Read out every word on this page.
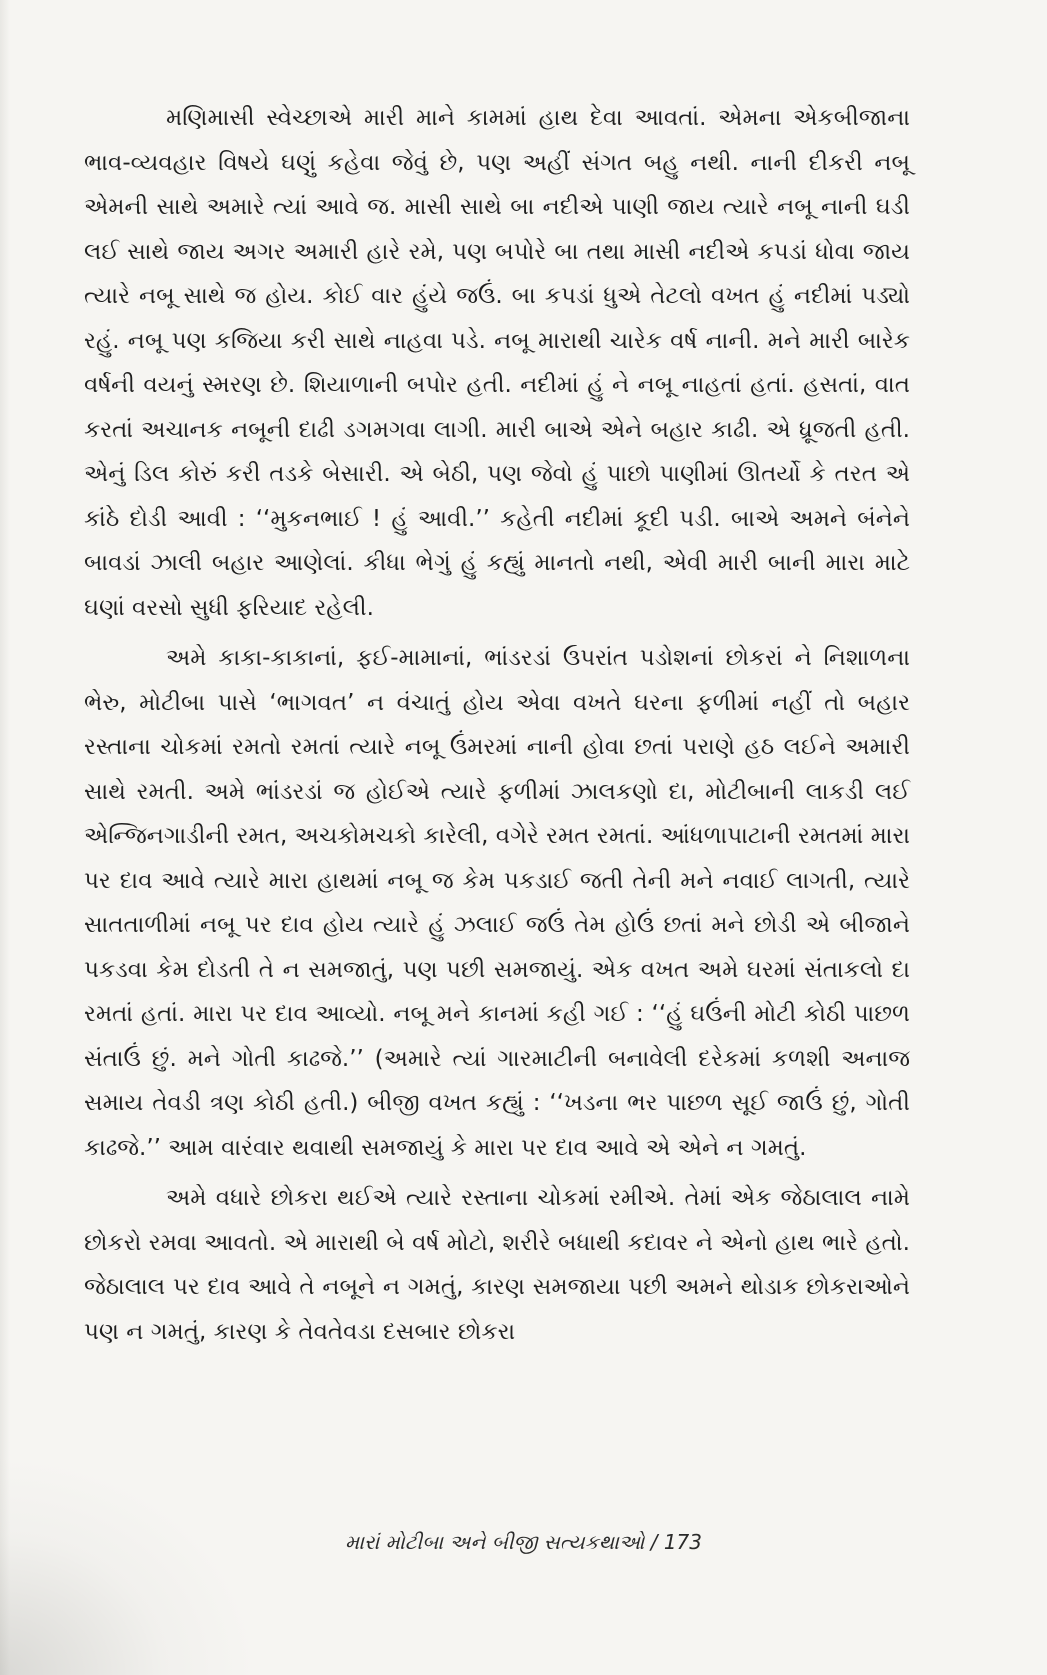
મણિમાસી સ્વેચ્છાએ મારી માને કામમાં હાથ દેવા આવતાં. એમના એકબીજાના ભાવ-વ્યવહાર વિષયે ઘણું કહેવા જેવું છે, પણ અહીં સંગત બહુ નથી. નાની દીકરી નબૂ એમની સાથે અમારે ત્યાં આવે જ. માસી સાથે બા નદીએ પાણી જાય ત્યારે નબૂ નાની ઘડી લઈ સાથે જાય અગર અમારી હારે રમે, પણ બપોરે બા તથા માસી નદીએ કપડાં ધોવા જાય ત્યારે નબૂ સાથે જ હોય. કોઈ વાર હુંયે જઉં. બા કપડાં ધુએ તેટલો વખત હું નદીમાં પડ્યો રહું. નબૂ પણ કજિયા કરી સાથે નાહવા પડે. નબૂ મારાથી ચારેક વર્ષ નાની. મને મારી બારેક વર્ષની વયનું સ્મરણ છે. શિયાળાની બપોર હતી. નદીમાં હું ને નબૂ નાહતાં હતાં. હસતાં, વાત કરતાં અચાનક નબૂની દાઢી ડગમગવા લાગી. મારી બાએ એને બહાર કાઢી. એ ધ્રૂજતી હતી. એનું ડિલ કોરું કરી તડકે બેસારી. એ બેઠી, પણ જેવો હું પાછો પાણીમાં ઊતર્યો કે તરત એ કાંઠે દોડી આવી : ‘‘મુકનભાઈ ! હું આવી.’’ કહેતી નદીમાં કૂદી પડી. બાએ અમને બંનેને બાવડાં ઝાલી બહાર આણેલાં. કીધા ભેગું હું કહ્યું માનતો નથી, એવી મારી બાની મારા માટે ઘણાં વરસો સુધી ફરિયાદ રહેલી.

અમે કાકા-કાકાનાં, ફઈ-મામાનાં, ભાંડરડાં ઉપરાંત પડોશનાં છોકરાં ને નિશાળના ભેરુ, મોટીબા પાસે ‘ભાગવત’ ન વંચાતું હોય એવા વખતે ઘરના ફળીમાં નહીં તો બહાર રસ્તાના ચોકમાં રમતો રમતાં ત્યારે નબૂ ઉંમરમાં નાની હોવા છતાં પરાણે હઠ લઈને અમારી સાથે રમતી. અમે ભાંડરડાં જ હોઈએ ત્યારે ફળીમાં ઝાલકણો દા, મોટીબાની લાકડી લઈ એન્જિનગાડીની રમત, અચકોમચકો કારેલી, વગેરે રમત રમતાં. આંધળાપાટાની રમતમાં મારા પર દાવ આવે ત્યારે મારા હાથમાં નબૂ જ કેમ પકડાઈ જતી તેની મને નવાઈ લાગતી, ત્યારે સાતતાળીમાં નબૂ પર દાવ હોય ત્યારે હું ઝલાઈ જઉં તેમ હોઉં છતાં મને છોડી એ બીજાને પકડવા કેમ દોડતી તે ન સમજાતું, પણ પછી સમજાયું. એક વખત અમે ઘરમાં સંતાકલો દા રમતાં હતાં. મારા પર દાવ આવ્યો. નબૂ મને કાનમાં કહી ગઈ : ‘‘હું ઘઉંની મોટી કોઠી પાછળ સંતાઉં છું. મને ગોતી કાઢજે.’’ (અમારે ત્યાં ગારમાટીની બનાવેલી દરેકમાં કળશી અનાજ સમાય તેવડી ત્રણ કોઠી હતી.) બીજી વખત કહ્યું : ‘‘ખડના ભર પાછળ સૂઈ જાઉં છું, ગોતી કાઢજે.’’ આમ વારંવાર થવાથી સમજાયું કે મારા પર દાવ આવે એ એને ન ગમતું.

અમે વધારે છોકરા થઈએ ત્યારે રસ્તાના ચોકમાં રમીએ. તેમાં એક જેઠાલાલ નામે છોકરો રમવા આવતો. એ મારાથી બે વર્ષ મોટો, શરીરે બધાથી કદાવર ને એનો હાથ ભારે હતો. જેઠાલાલ પર દાવ આવે તે નબૂને ન ગમતું, કારણ સમજાયા પછી અમને થોડાક છોકરાઓને પણ ન ગમતું, કારણ કે તેવતેવડા દસબાર છોકરા

મારાં મોટીબા અને બીજી સત્યકથાઓ / 173
